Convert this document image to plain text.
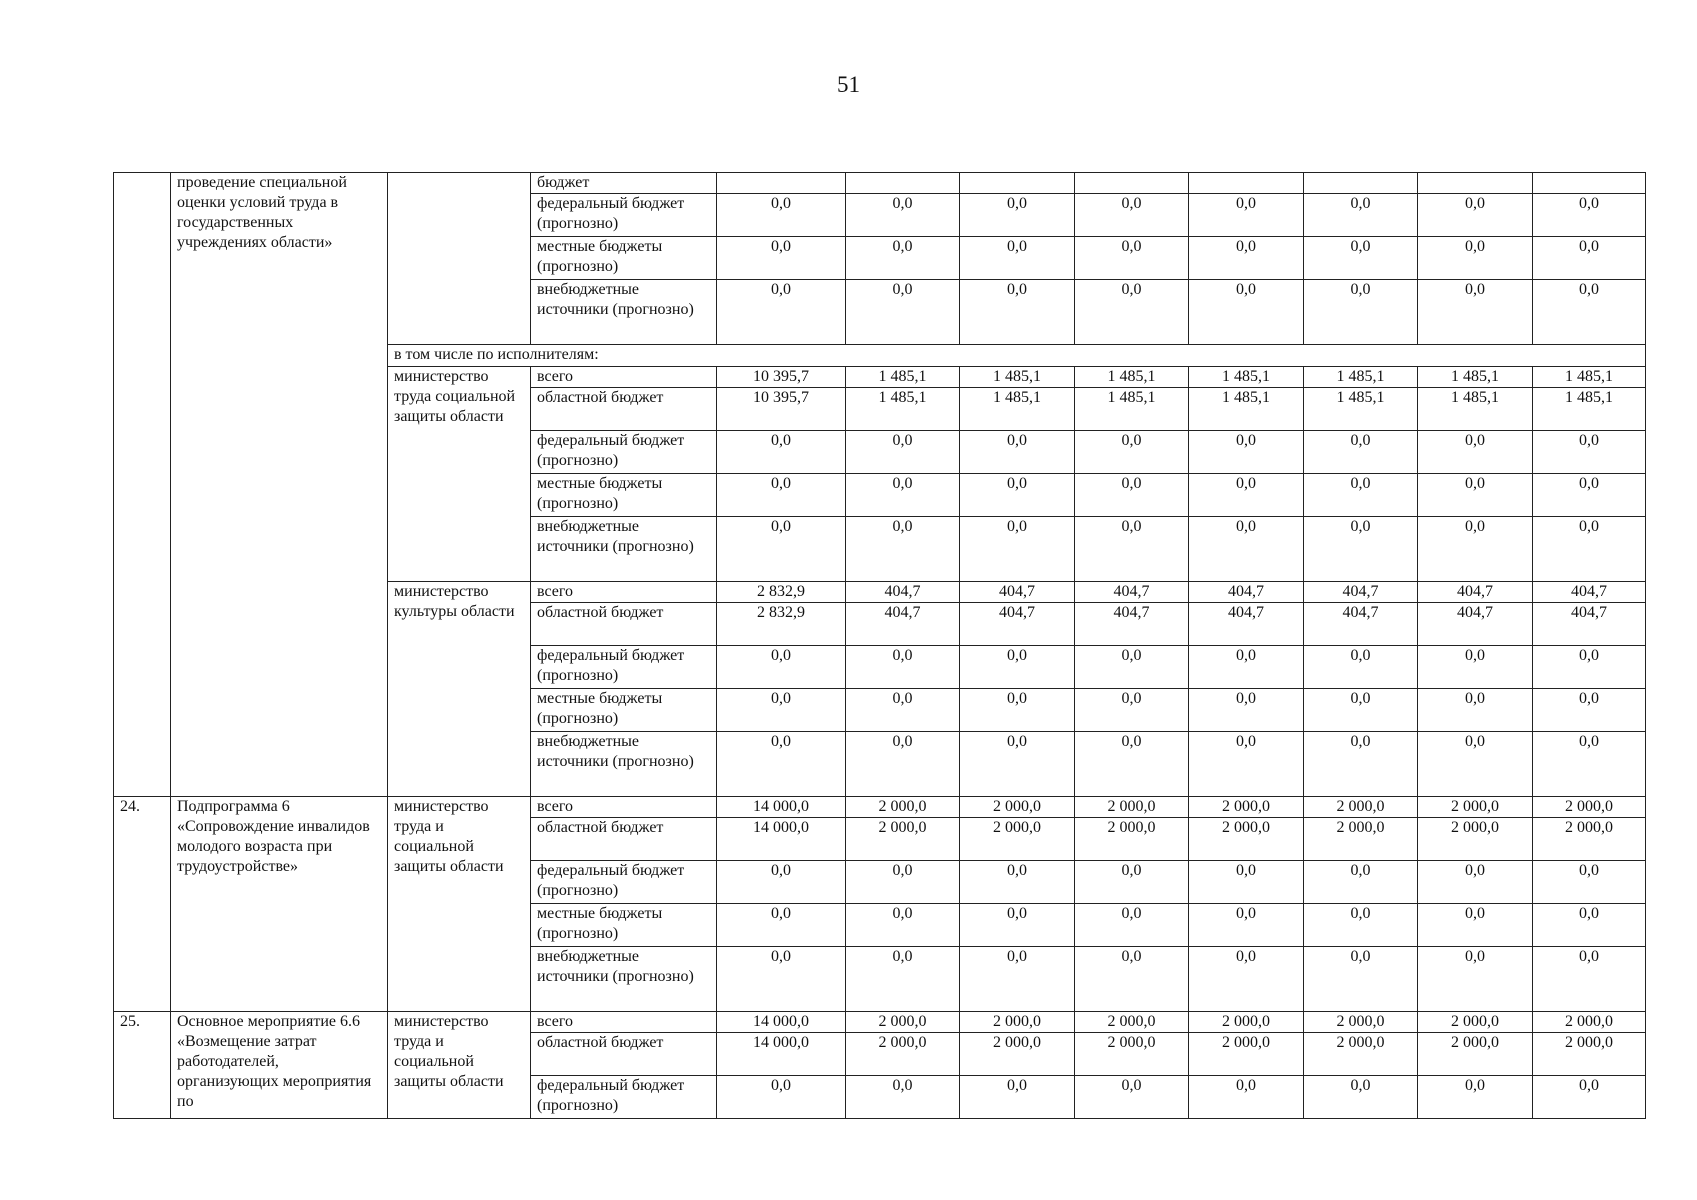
51
	проведение специальной оценки условий труда в государственных учреждениях области»		бюджет								
			федеральный бюджет (прогнозно)	0,0	0,0	0,0	0,0	0,0	0,0	0,0	0,0
			местные бюджеты (прогнозно)	0,0	0,0	0,0	0,0	0,0	0,0	0,0	0,0
			внебюджетные источники (прогнозно)	0,0	0,0	0,0	0,0	0,0	0,0	0,0	0,0
		в том числе по исполнителям:									
		министерство труда социальной защиты области	всего	10 395,7	1 485,1	1 485,1	1 485,1	1 485,1	1 485,1	1 485,1	1 485,1
			областной бюджет	10 395,7	1 485,1	1 485,1	1 485,1	1 485,1	1 485,1	1 485,1	1 485,1
			федеральный бюджет (прогнозно)	0,0	0,0	0,0	0,0	0,0	0,0	0,0	0,0
			местные бюджеты (прогнозно)	0,0	0,0	0,0	0,0	0,0	0,0	0,0	0,0
			внебюджетные источники (прогнозно)	0,0	0,0	0,0	0,0	0,0	0,0	0,0	0,0
		министерство культуры области	всего	2 832,9	404,7	404,7	404,7	404,7	404,7	404,7	404,7
			областной бюджет	2 832,9	404,7	404,7	404,7	404,7	404,7	404,7	404,7
			федеральный бюджет (прогнозно)	0,0	0,0	0,0	0,0	0,0	0,0	0,0	0,0
			местные бюджеты (прогнозно)	0,0	0,0	0,0	0,0	0,0	0,0	0,0	0,0
			внебюджетные источники (прогнозно)	0,0	0,0	0,0	0,0	0,0	0,0	0,0	0,0
24.	Подпрограмма 6 «Сопровождение инвалидов молодого возраста при трудоустройстве»	министерство труда и социальной защиты области	всего	14 000,0	2 000,0	2 000,0	2 000,0	2 000,0	2 000,0	2 000,0	2 000,0
			областной бюджет	14 000,0	2 000,0	2 000,0	2 000,0	2 000,0	2 000,0	2 000,0	2 000,0
			федеральный бюджет (прогнозно)	0,0	0,0	0,0	0,0	0,0	0,0	0,0	0,0
			местные бюджеты (прогнозно)	0,0	0,0	0,0	0,0	0,0	0,0	0,0	0,0
			внебюджетные источники (прогнозно)	0,0	0,0	0,0	0,0	0,0	0,0	0,0	0,0
25.	Основное мероприятие 6.6 «Возмещение затрат работодателей, организующих мероприятия по	министерство труда и социальной защиты области	всего	14 000,0	2 000,0	2 000,0	2 000,0	2 000,0	2 000,0	2 000,0	2 000,0
			областной бюджет	14 000,0	2 000,0	2 000,0	2 000,0	2 000,0	2 000,0	2 000,0	2 000,0
			федеральный бюджет (прогнозно)	0,0	0,0	0,0	0,0	0,0	0,0	0,0	0,0
